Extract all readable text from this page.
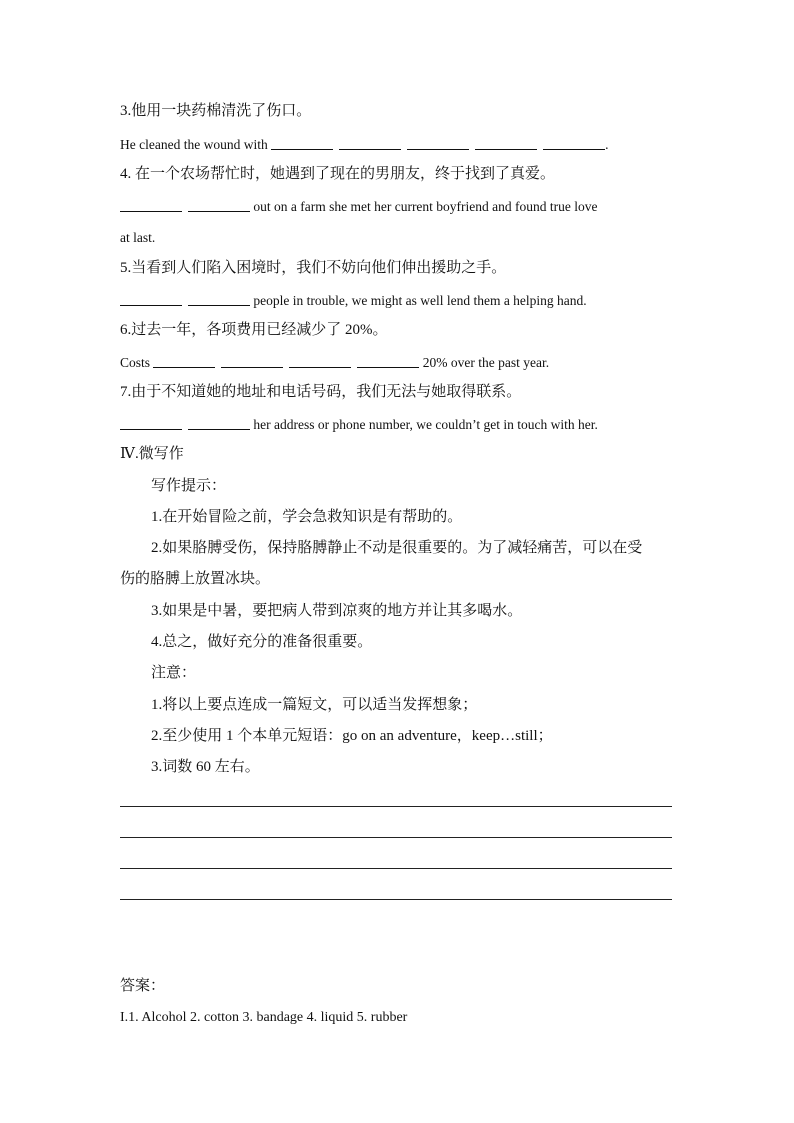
3.他用一块药棉清洗了伤口。
He cleaned the wound with	.
4. 在一个农场帮忙时，她遇到了现在的男朋友，终于找到了真爱。
out on a farm she met her current boyfriend and found true love
at last.
5.当看到人们陷入困境时，我们不妨向他们伸出援助之手。
people in trouble, we might as well lend them a helping hand.
6.过去一年，各项费用已经减少了 20%。
Costs	20% over the past year.
7.由于不知道她的地址和电话号码，我们无法与她取得联系。
her address or phone number, we couldn’t get in touch with her.
Ⅳ.微写作
写作提示：
1.在开始冒险之前，学会急救知识是有帮助的。
2.如果胳膊受伤，保持胳膊静止不动是很重要的。为了减轻痛苦，可以在受
伤的胳膊上放置冰块。
3.如果是中暑，要把病人带到凉爽的地方并让其多喝水。
4.总之，做好充分的准备很重要。
注意：
1.将以上要点连成一篇短文，可以适当发挥想象；
2.至少使用 1 个本单元短语：go on an adventure，keep…still；
3.词数 60 左右。
答案：
I.1. Alcohol 2. cotton 3. bandage 4. liquid 5. rubber
